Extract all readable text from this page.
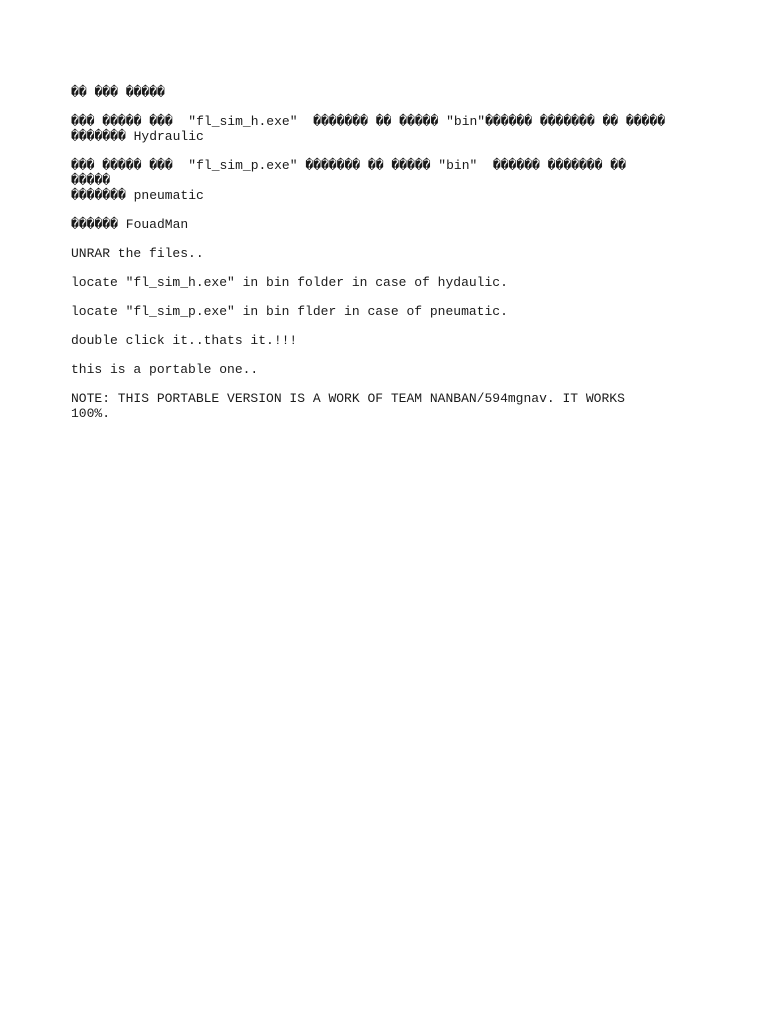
�� ��� �����

��� ����� ���  "fl_sim_h.exe"  ������� �� ����� "bin"������ ������� �� �����
������� Hydraulic

��� ����� ���  "fl_sim_p.exe" ������� �� ����� "bin"  ������ ������� �� �����
������� pneumatic

������ FouadMan

UNRAR the files..

locate "fl_sim_h.exe" in bin folder in case of hydaulic.

locate "fl_sim_p.exe" in bin flder in case of pneumatic.

double click it..thats it.!!!

this is a portable one..

NOTE: THIS PORTABLE VERSION IS A WORK OF TEAM NANBAN/594mgnav. IT WORKS 100%.
